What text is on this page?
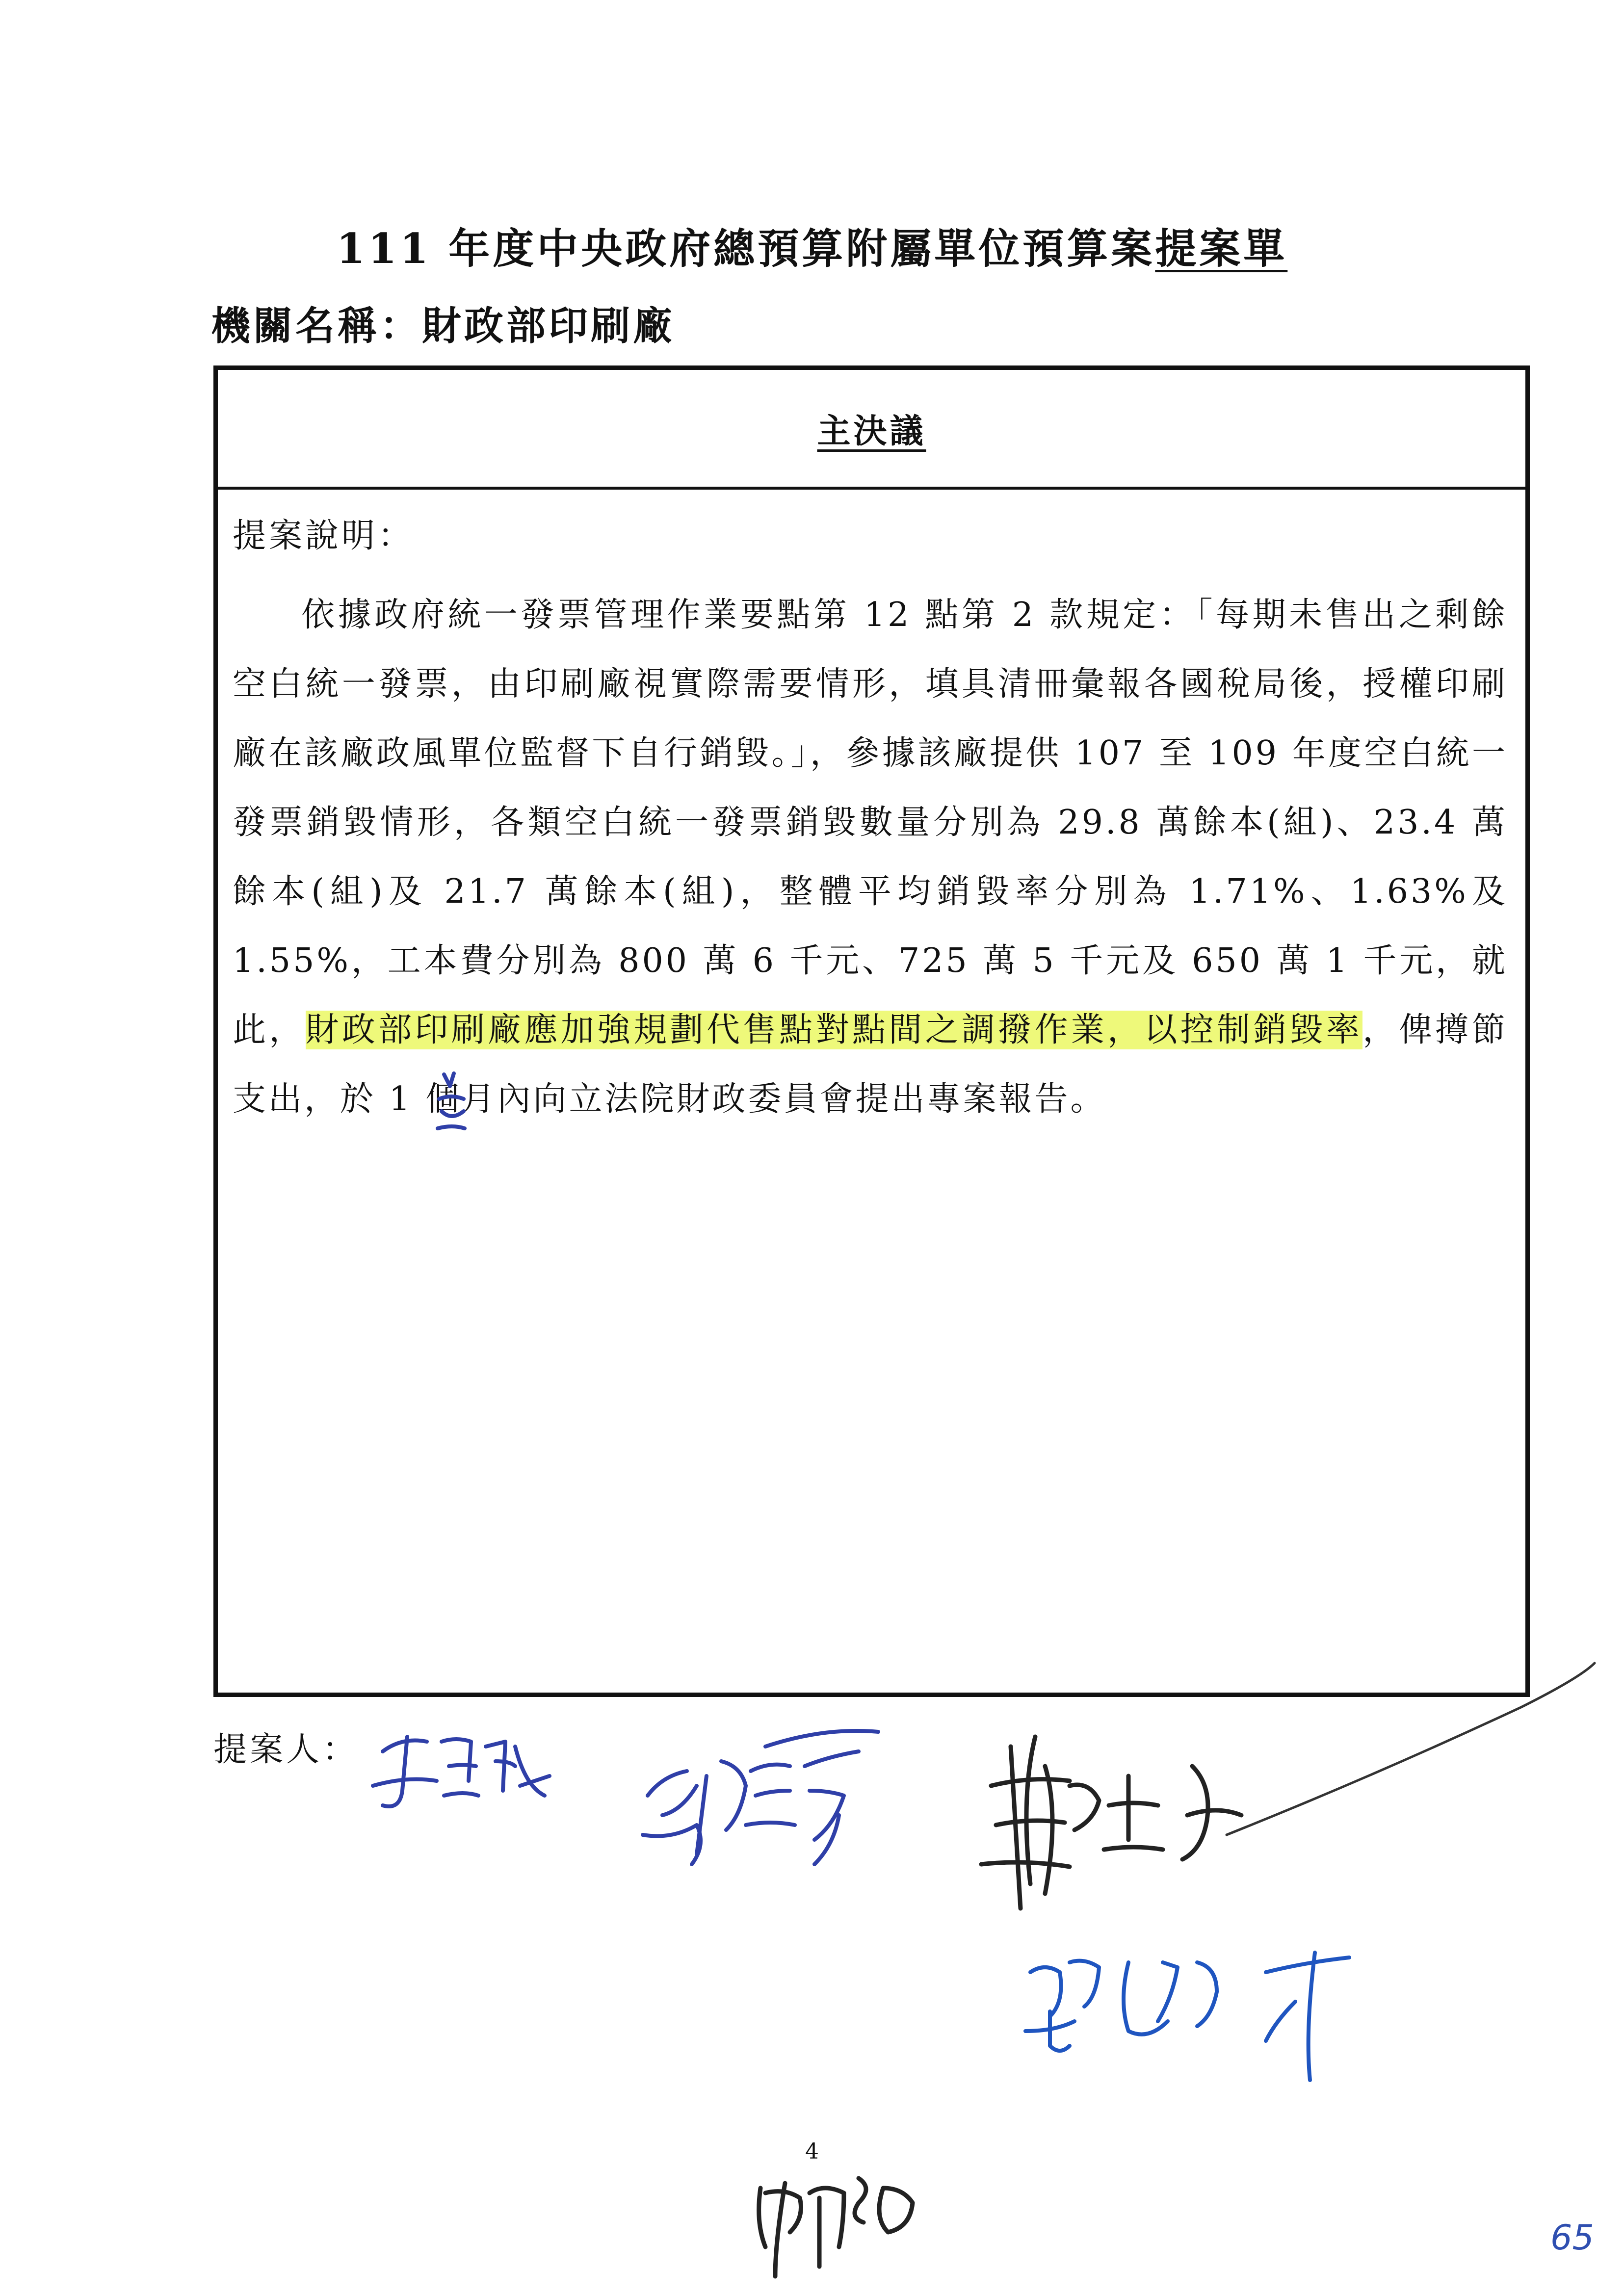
111 年度中央政府總預算附屬單位預算案提案單
機關名稱：財政部印刷廠
主決議
提案說明：

依據政府統一發票管理作業要點第 12 點第 2 款規定：「每期未售出之剩餘空白統一發票，由印刷廠視實際需要情形，填具清冊彙報各國稅局後，授權印刷廠在該廠政風單位監督下自行銷毀。」，參據該廠提供 107 至 109 年度空白統一發票銷毀情形，各類空白統一發票銷毀數量分別為 29.8 萬餘本(組)、23.4 萬餘本(組)及 21.7 萬餘本(組)，整體平均銷毀率分別為 1.71%、1.63%及 1.55%，工本費分別為 800 萬 6 千元、725 萬 5 千元及 650 萬 1 千元，就此，財政部印刷廠應加強規劃代售點對點間之調撥作業，以控制銷毀率，俾撙節支出，於 1 個月內向立法院財政委員會提出專案報告。

提案人：
4
65
